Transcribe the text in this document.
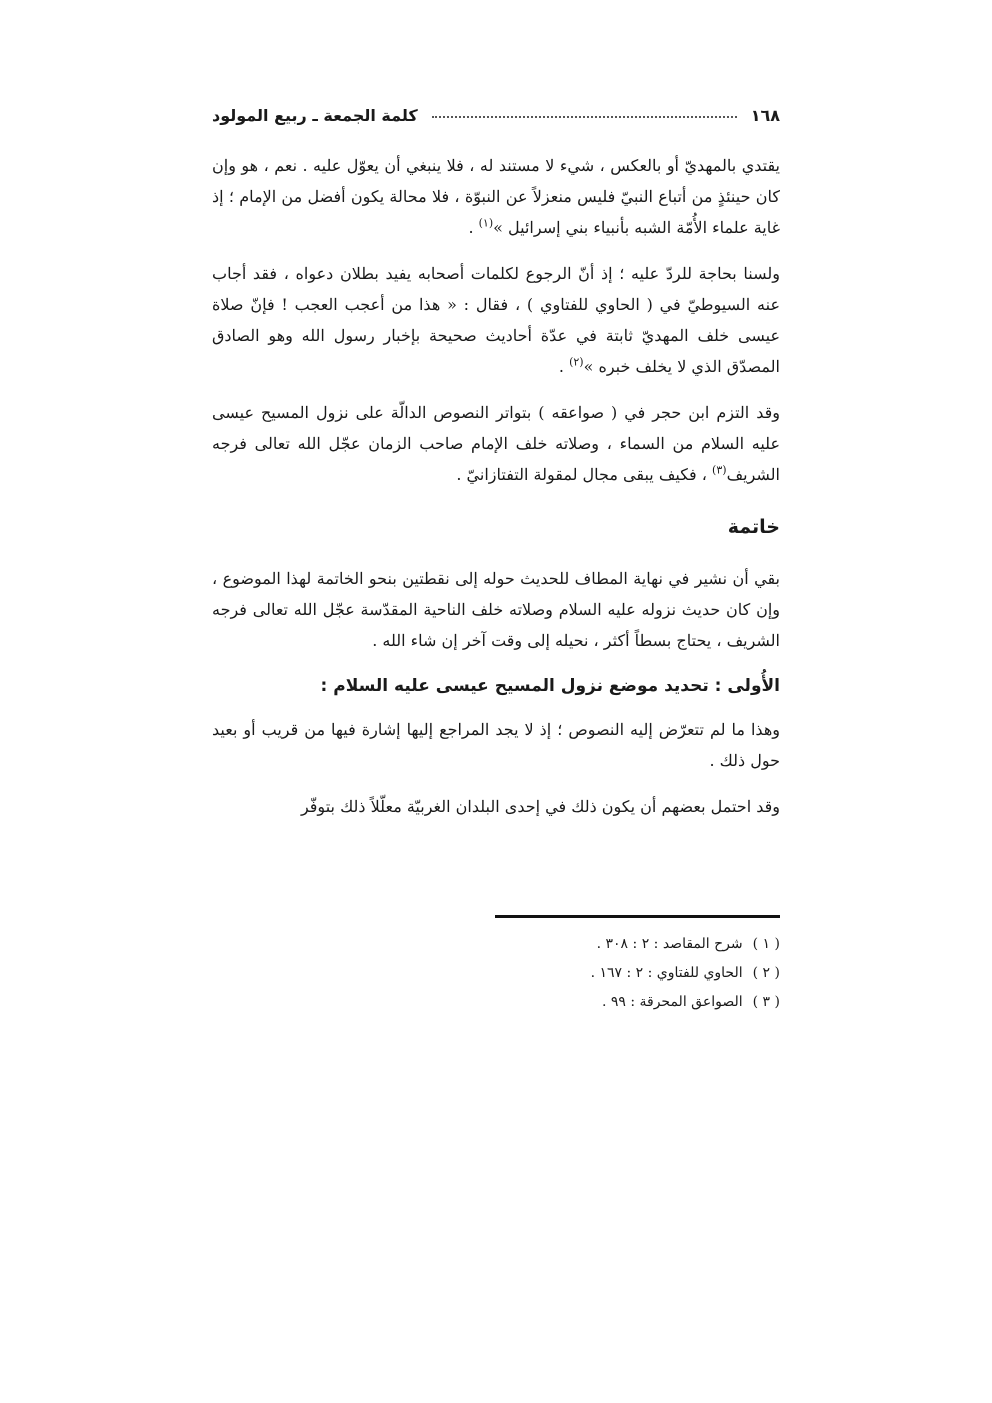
١٦٨
كلمة الجمعة ـ ربيع المولود

يقتدي بالمهديّ أو بالعكس ، شيء لا مستند له ، فلا ينبغي أن يعوّل عليه . نعم ، هو وإن كان حينئذٍ من أتباع النبيّ فليس منعزلاً عن النبوّة ، فلا محالة يكون أفضل من الإمام ؛ إذ غاية علماء الأُمّة الشبه بأنبياء بني إسرائيل »$^{(١)}$ .

ولسنا بحاجة للردّ عليه ؛ إذ أنّ الرجوع لكلمات أصحابه يفيد بطلان دعواه ، فقد أجاب عنه السيوطيّ في ( الحاوي للفتاوي ) ، فقال : « هذا من أعجب العجب ! فإنّ صلاة عيسى خلف المهديّ ثابتة في عدّة أحاديث صحيحة بإخبار رسول الله وهو الصادق المصدّق الذي لا يخلف خبره »$^{(٢)}$ .

وقد التزم ابن حجر في ( صواعقه ) بتواتر النصوص الدالّة على نزول المسيح عيسى عليه السلام من السماء ، وصلاته خلف الإمام صاحب الزمان عجّل الله تعالى فرجه الشريف$^{(٣)}$ ، فكيف يبقى مجال لمقولة التفتازانيّ .

خاتمة

بقي أن نشير في نهاية المطاف للحديث حوله إلى نقطتين بنحو الخاتمة لهذا الموضوع ، وإن كان حديث نزوله عليه السلام وصلاته خلف الناحية المقدّسة عجّل الله تعالى فرجه الشريف ، يحتاج بسطاً أكثر ، نحيله إلى وقت آخر إن شاء الله .

الأُولى : تحديد موضع نزول المسيح عيسى عليه السلام :

وهذا ما لم تتعرّض إليه النصوص ؛ إذ لا يجد المراجع إليها إشارة فيها من قريب أو بعيد حول ذلك .

وقد احتمل بعضهم أن يكون ذلك في إحدى البلدان الغربيّة معلّلاً ذلك بتوفّر

( ١ )شرح المقاصد : ٢ : ٣٠٨ .
( ٢ )الحاوي للفتاوي : ٢ : ١٦٧ .
( ٣ )الصواعق المحرقة : ٩٩ .
